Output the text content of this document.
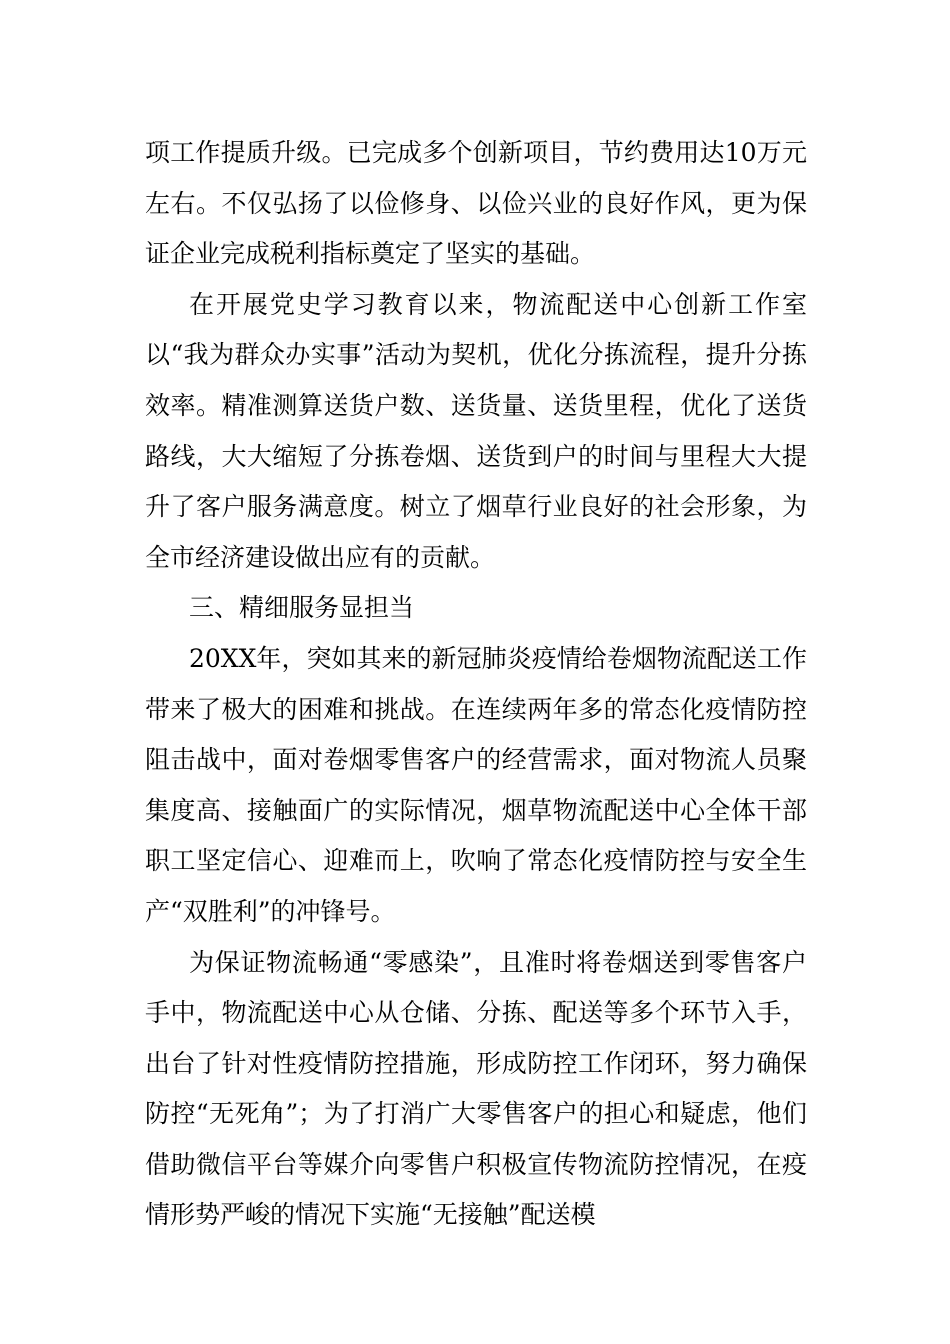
项工作提质升级。已完成多个创新项目，节约费用达10万元左右。不仅弘扬了以俭修身、以俭兴业的良好作风，更为保证企业完成税利指标奠定了坚实的基础。

在开展党史学习教育以来，物流配送中心创新工作室以“我为群众办实事”活动为契机，优化分拣流程，提升分拣效率。精准测算送货户数、送货量、送货里程，优化了送货路线，大大缩短了分拣卷烟、送货到户的时间与里程大大提升了客户服务满意度。树立了烟草行业良好的社会形象，为全市经济建设做出应有的贡献。

三、精细服务显担当

20XX年，突如其来的新冠肺炎疫情给卷烟物流配送工作带来了极大的困难和挑战。在连续两年多的常态化疫情防控阻击战中，面对卷烟零售客户的经营需求，面对物流人员聚集度高、接触面广的实际情况，烟草物流配送中心全体干部职工坚定信心、迎难而上，吹响了常态化疫情防控与安全生产“双胜利”的冲锋号。

为保证物流畅通“零感染”，且准时将卷烟送到零售客户手中，物流配送中心从仓储、分拣、配送等多个环节入手，出台了针对性疫情防控措施，形成防控工作闭环，努力确保防控“无死角”；为了打消广大零售客户的担心和疑虑，他们借助微信平台等媒介向零售户积极宣传物流防控情况，在疫情形势严峻的情况下实施“无接触”配送模
